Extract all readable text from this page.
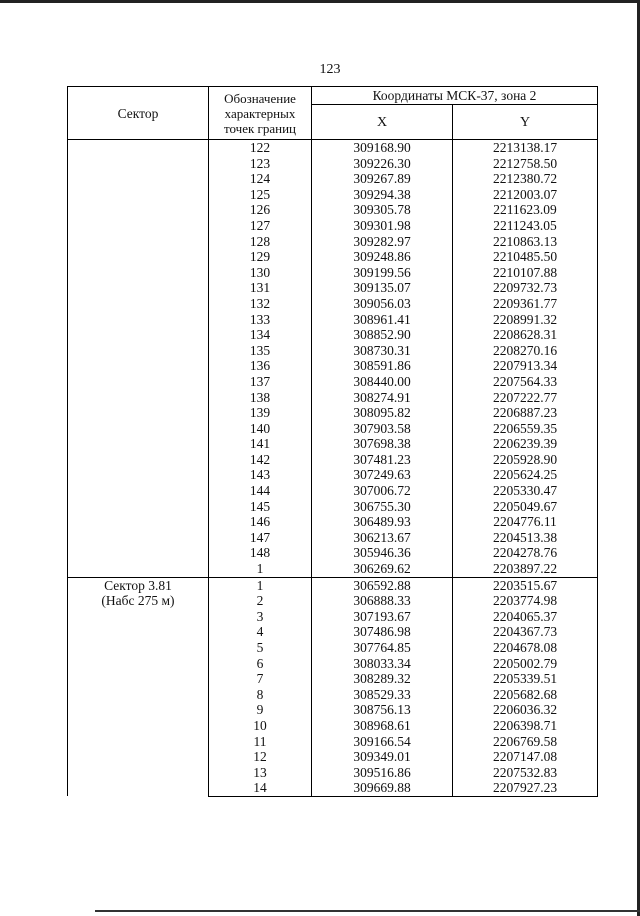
123
Сектор	Обозначение
характерных
точек границ	Координаты МСК-37, зона 2	
		X	Y
	122	309168.90	2213138.17
	123	309226.30	2212758.50
	124	309267.89	2212380.72
	125	309294.38	2212003.07
	126	309305.78	2211623.09
	127	309301.98	2211243.05
	128	309282.97	2210863.13
	129	309248.86	2210485.50
	130	309199.56	2210107.88
	131	309135.07	2209732.73
	132	309056.03	2209361.77
	133	308961.41	2208991.32
	134	308852.90	2208628.31
	135	308730.31	2208270.16
	136	308591.86	2207913.34
	137	308440.00	2207564.33
	138	308274.91	2207222.77
	139	308095.82	2206887.23
	140	307903.58	2206559.35
	141	307698.38	2206239.39
	142	307481.23	2205928.90
	143	307249.63	2205624.25
	144	307006.72	2205330.47
	145	306755.30	2205049.67
	146	306489.93	2204776.11
	147	306213.67	2204513.38
	148	305946.36	2204278.76
	1	306269.62	2203897.22

Сектор 3.81
(Набс 275 м)	1	306592.88	2203515.67
	2	306888.33	2203774.98
	3	307193.67	2204065.37
	4	307486.98	2204367.73
	5	307764.85	2204678.08
	6	308033.34	2205002.79
	7	308289.32	2205339.51
	8	308529.33	2205682.68
	9	308756.13	2206036.32
	10	308968.61	2206398.71
	11	309166.54	2206769.58
	12	309349.01	2207147.08
	13	309516.86	2207532.83
	14	309669.88	2207927.23
